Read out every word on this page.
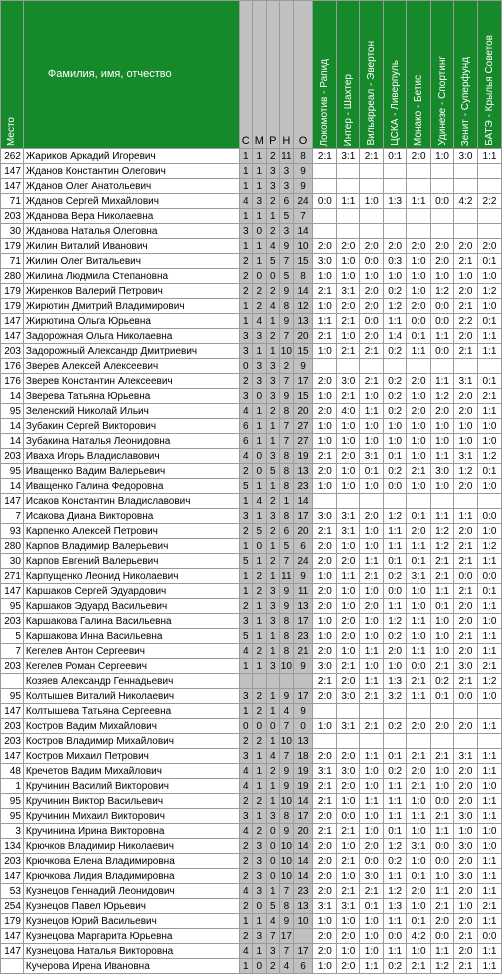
Место	Фамилия, имя, отчество	С	М	Р	Н	О	Локомотив - Рапид	Интер - Шахтер	Вильярреал - Эвертон	ЦСКА - Ливерпуль	Монако - Бетис	Удинезе - Спортинг	Зенит - Суперфунд	БАТЭ - Крылья Советов

262	Жариков Аркадий Игоревич	1	1	2	11	8	2:1	3:1	2:1	0:1	2:0	1:0	3:0	1:1
147	Жданов Константин Олегович	1	1	3	3	9								
147	Жданов Олег Анатольевич	1	1	3	3	9								
71	Жданов Сергей Михайлович	4	3	2	6	24	0:0	1:1	1:0	1:3	1:1	0:0	4:2	2:2
203	Жданова Вера Николаевна	1	1	1	5	7								
30	Жданова Наталья Олеговна	3	0	2	3	14								
179	Жилин Виталий Иванович	1	1	4	9	10	2:0	2:0	2:0	2:0	2:0	2:0	2:0	2:0
71	Жилин Олег Витальевич	2	1	5	7	15	3:0	1:0	0:0	0:3	1:0	2:0	2:1	0:1
280	Жилина Людмила Степановна	2	0	0	5	8	1:0	1:0	1:0	1:0	1:0	1:0	1:0	1:0
179	Жиренков Валерий Петрович	2	2	2	9	14	2:1	3:1	2:0	0:2	1:0	1:2	2:0	1:2
179	Жирютин Дмитрий Владимирович	1	2	4	8	12	1:0	2:0	2:0	1:2	2:0	0:0	2:1	1:0
147	Жирютина Ольга Юрьевна	1	4	1	9	13	1:1	2:1	0:0	1:1	0:0	0:0	2:2	0:1
147	Задорожная Ольга Николаевна	3	3	2	7	20	2:1	1:0	2:0	1:4	0:1	1:1	2:0	1:1
203	Задорожный Александр Дмитриевич	3	1	1	10	15	1:0	2:1	2:1	0:2	1:1	0:0	2:1	1:1
176	Зверев Алексей Алексеевич	0	3	3	2	9								
176	Зверев Константин Алексеевич	2	3	3	7	17	2:0	3:0	2:1	0:2	2:0	1:1	3:1	0:1
14	Зверева Татьяна Юрьевна	3	0	3	9	15	1:0	2:1	1:0	0:2	1:0	1:2	2:0	2:1
95	Зеленский Николай Ильич	4	1	2	8	20	2:0	4:0	1:1	0:2	2:0	2:0	2:0	1:1
14	Зубакин Сергей Викторович	6	1	1	7	27	1:0	1:0	1:0	1:0	1:0	1:0	1:0	1:0
14	Зубакина Наталья Леонидовна	6	1	1	7	27	1:0	1:0	1:0	1:0	1:0	1:0	1:0	1:0
203	Иваха Игорь Владиславович	4	0	3	8	19	2:1	2:0	3:1	0:1	1:0	1:1	3:1	1:2
95	Иващенко Вадим Валерьевич	2	0	5	8	13	2:0	1:0	0:1	0:2	2:1	3:0	1:2	0:1
14	Иващенко Галина Федоровна	5	1	1	8	23	1:0	1:0	1:0	0:0	1:0	1:0	2:0	1:0
147	Исаков Константин Владиславович	1	4	2	1	14								
7	Исакова Диана Викторовна	3	1	3	8	17	3:0	3:1	2:0	1:2	0:1	1:1	1:1	0:0
93	Карпенко Алексей Петрович	2	5	2	6	20	2:1	3:1	1:0	1:1	2:0	1:2	2:0	1:0
280	Карпов Владимир Валерьевич	1	0	1	5	6	2:0	1:0	1:0	1:1	1:1	1:2	2:1	1:2
30	Карпов Евгений Валерьевич	5	1	2	7	24	2:0	2:0	1:1	0:1	0:1	2:1	2:1	1:1
271	Карпущенко Леонид Николаевич	1	2	1	11	9	1:0	1:1	2:1	0:2	3:1	2:1	0:0	0:0
147	Каршаков Сергей Эдуардович	1	2	3	9	11	2:0	1:0	1:0	0:0	1:0	1:1	2:1	0:1
95	Каршаков Эдуард Васильевич	2	1	3	9	13	2:0	1:0	2:0	1:1	1:0	0:1	2:0	1:1
203	Каршакова Галина Васильевна	3	1	3	8	17	1:0	2:0	1:0	1:2	1:1	1:0	2:0	1:0
5	Каршакова Инна Васильевна	5	1	1	8	23	1:0	2:0	1:0	0:2	1:0	1:0	2:1	1:1
7	Кегелев Антон Сергеевич	4	2	1	8	21	2:0	1:0	1:1	2:0	1:1	1:0	2:0	1:1
203	Кегелев Роман Сергеевич	1	1	3	10	9	3:0	2:1	1:0	1:0	0:0	2:1	3:0	2:1
	Козяев Александр Геннадьевич						2:1	2:0	1:1	1:3	2:1	0:2	2:1	1:2
95	Колтышев Виталий Николаевич	3	2	1	9	17	2:0	3:0	2:1	3:2	1:1	0:1	0:0	1:0
147	Колтышева Татьяна Сергеевна	1	2	1	4	9								
203	Костров Вадим Михайлович	0	0	0	7	0	1:0	3:1	2:1	0:2	2:0	2:0	2:0	1:1
203	Костров Владимир Михайлович	2	2	1	10	13								
147	Костров Михаил Петрович	3	1	4	7	18	2:0	2:0	1:1	0:1	2:1	2:1	3:1	1:1
48	Кречетов Вадим Михайлович	4	1	2	9	19	3:1	3:0	1:0	0:2	2:0	1:0	2:0	1:1
1	Кручинин Василий Викторович	4	1	1	9	19	2:1	2:0	1:0	1:1	2:1	1:0	2:0	1:0
95	Кручинин Виктор Васильевич	2	2	1	10	14	2:1	1:0	1:1	1:1	1:0	0:0	2:0	1:1
95	Кручинин Михаил Викторович	3	1	3	8	17	2:0	0:0	1:0	1:1	1:1	2:1	3:0	1:1
3	Кручинина Ирина Викторовна	4	2	0	9	20	2:1	2:1	1:0	0:1	1:0	1:1	1:0	1:0
134	Крючков Владимир Николаевич	2	3	0	10	14	2:0	1:0	2:0	1:2	3:1	0:0	3:0	1:0
203	Крючкова Елена Владимировна	2	3	0	10	14	2:0	2:1	0:0	0:2	1:0	0:0	2:0	1:1
147	Крючкова Лидия Владимировна	2	3	0	10	14	2:0	1:0	3:0	1:1	0:1	1:0	3:0	1:1
53	Кузнецов Геннадий Леонидович	4	3	1	7	23	2:0	2:1	2:1	1:2	2:0	1:1	2:0	1:1
254	Кузнецов Павел Юрьевич	2	0	5	8	13	3:1	3:1	0:1	1:3	1:0	2:1	1:0	2:1
179	Кузнецов Юрий Васильевич	1	1	4	9	10	1:0	1:0	1:0	1:1	0:1	2:0	2:0	1:1
147	Кузнецова Маргарита Юрьевна	2	3	7	17		2:0	2:0	1:0	0:0	4:2	0:0	2:1	0:0
147	Кузнецова Наталья Викторовна	4	1	3	7	17	2:0	1:0	1:0	1:1	1:0	1:1	2:0	1:1
	Кучерова Ирена Ивановна	1	0	2	4	6	1:0	2:0	1:1	0:2	2:1	1:2	2:1	1:1
